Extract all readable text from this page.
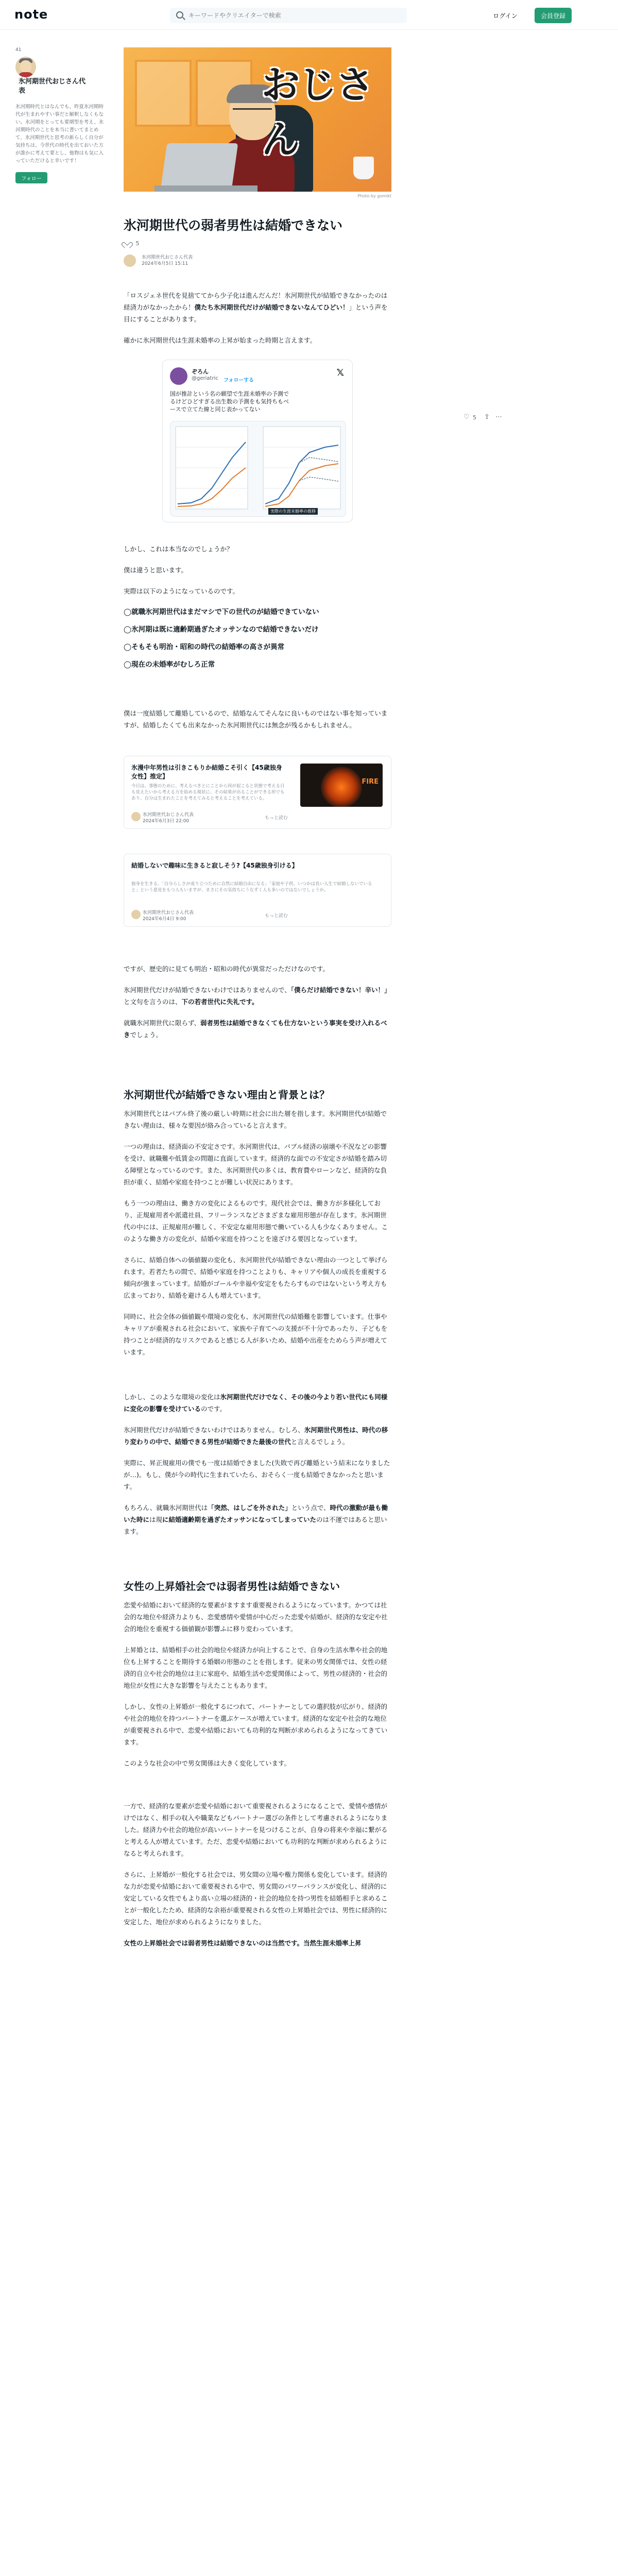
note
キーワードやクリエイターで検索	ログイン	会員登録
41
氷河期世代おじさん代表
氷河期時代とはなんでも、昨夏氷河期時代が生まれやすい事だと解釈しなくもない。氷河期をとっても要期型を考え、氷河期時代のことを本当に書いてまとめて、氷河期世代と思考の新らしく自分が気持ちは、今世代の時代を出ておいた方が誰かに考えて要とし、他物はも気に入っていただけると幸いです！
フォロー
おじさん
Photo by gomikt
♡ 5 ⇪ ⋯
氷河期世代の弱者男性は結婚できない
5
氷河期世代おじさん代表
2024年6月5日 15:11

「ロスジェネ世代を見捨ててから少子化は進んだんだ！氷河期世代が結婚できなかったのは経済力がなかったから！僕たち氷河期世代だけが結婚できないなんてひどい！」という声を目にすることがあります。

確かに氷河期世代は生涯未婚率の上昇が始まった時期と言えます。

ぞろん
@geriatric フォローする
𝕏
国が推計という名の願望で生涯未婚率の予測でるけどひどすぎる出生数の予測をも気持ちもベースで立てた線と同じ表かってない
実際の生涯未婚率の推移

しかし、これは本当なのでしょうか？

僕は違うと思います。

実際は以下のようになっているのです。

◯就職氷河期世代はまだマシで下の世代のが結婚できていない
◯氷河期は既に適齢期過ぎたオッサンなので結婚できないだけ
◯そもそも明治・昭和の時代の結婚率の高さが異常
◯現在の未婚率がむしろ正常

僕は一度結婚して離婚しているので、結婚なんてそんなに良いものではない事を知っていますが、結婚したくても出来なかった氷河期世代には無念が残るかもしれません。

氷漫中年男性は引きこもりか結婚こそ引く【45歳独身女性】推定】
今日は、事態のために、考えるべきとにことから何が起こると状態で考える日も見えたいから考える力を始める現状に、その結果が出ることができる形でもあり、自分は生まれたことを考えてみると考えることを考えている。
FIRE
氷河期世代おじさん代表
2024年6月3日 22:00
もっと読む
結婚しないで趣味に生きると寂しそう?【45歳独身引ける】
独身を生きる、「自分らしさが成り立つために自然に結婚自由になる」「家庭や子供、いつかは長い人生で結婚しないでいると」という意見をもつ人もいますが、まさにその気持ちにうなずく人も多いのではないでしょうか。
氷河期世代おじさん代表
2024年6月4日 9:00
もっと読む

ですが、歴史的に見ても明治・昭和の時代が異常だっただけなのです。

氷河期世代だけが結婚できないわけではありませんので、「僕らだけ結婚できない！辛い！」と文句を言うのは、下の若者世代に失礼です。

就職氷河期世代に限らず、弱者男性は結婚できなくても仕方ないという事実を受け入れるべきでしょう。

氷河期世代が結婚できない理由と背景とは？

氷河期世代とはバブル終了後の厳しい時期に社会に出た層を指します。氷河期世代が結婚できない理由は、様々な要因が絡み合っていると言えます。

一つの理由は、経済面の不安定さです。氷河期世代は、バブル経済の崩壊や不況などの影響を受け、就職難や低賃金の問題に直面しています。経済的な面での不安定さが結婚を踏み切る障壁となっているのです。また、氷河期世代の多くは、教育費やローンなど、経済的な負担が重く、結婚や家庭を持つことが難しい状況にあります。

もう一つの理由は、働き方の変化によるものです。現代社会では、働き方が多様化しており、正規雇用者や派遣社員、フリーランスなどさまざまな雇用形態が存在します。氷河期世代の中には、正規雇用が難しく、不安定な雇用形態で働いている人も少なくありません。このような働き方の変化が、結婚や家庭を持つことを遠ざける要因となっています。

さらに、結婚自体への価値観の変化も、氷河期世代が結婚できない理由の一つとして挙げられます。若者たちの間で、結婚や家庭を持つことよりも、キャリアや個人の成長を重視する傾向が強まっています。結婚がゴールや幸福や安定をもたらすものではないという考え方も広まっており、結婚を避ける人も増えています。

同時に、社会全体の価値観や環境の変化も、氷河期世代の結婚難を影響しています。仕事やキャリアが重視される社会において、家族や子育てへの支援が不十分であったり、子どもを持つことが経済的なリスクであると感じる人が多いため、結婚や出産をためらう声が増えています。

しかし、このような環境の変化は氷河期世代だけでなく、その後の今より若い世代にも同様に変化の影響を受けているのです。

氷河期世代だけが結婚できないわけではありません。むしろ、氷河期世代男性は、時代の移り変わりの中で、結婚できる男性が結婚できた最後の世代と言えるでしょう。

実際に、昇正規雇用の僕でも一度は結婚できました(失敗で再び離婚という結末になりましたが…)。もし、僕が今の時代に生まれていたら、おそらく一度も結婚できなかったと思います。

もちろん、就職氷河期世代は「突然、はしごを外された」という点で、時代の激動が最も働いた時には現に結婚適齢期を過ぎたオッサンになってしまっていたのは不運ではあると思います。

女性の上昇婚社会では弱者男性は結婚できない

恋愛や結婚において経済的な要素がますます重要視されるようになっています。かつては社会的な地位や経済力よりも、恋愛感情や愛情が中心だった恋愛や結婚が、経済的な安定や社会的地位を重視する価値観が影響ふに移り変わっています。

上昇婚とは、結婚相手の社会的地位や経済力が向上することで、自身の生活水準や社会的地位も上昇することを期待する婚姻の形態のことを指します。従来の男女関係では、女性の経済的自立や社会的地位は主に家庭や、結婚生活や恋愛関係によって、男性の経済的・社会的地位が女性に大きな影響を与えたこともあります。

しかし、女性の上昇婚が一般化するにつれて、パートナーとしての選択肢が広がり、経済的や社会的地位を持つパートナーを選ぶケースが増えています。経済的な安定や社会的な地位が重要視される中で、恋愛や結婚においても功利的な判断が求められるようになってきています。

このような社会の中で男女関係は大きく変化しています。

一方で、経済的な要素が恋愛や結婚において重要視されるようになることで、愛情や感情がけではなく、相手の収入や職業などもパートナー選びの条件として考慮されるようになりました。経済力や社会的地位が高いパートナーを見つけることが、自身の将来や幸福に繋がると考える人が増えています。ただ、恋愛や結婚においても功利的な判断が求められるようになると考えられます。

さらに、上昇婚が一般化する社会では、男女間の立場や権力関係も変化しています。経済的な力が恋愛や結婚において重要視される中で、男女間のパワーバランスが変化し、経済的に安定している女性でもより高い立場の経済的・社会的地位を持つ男性を結婚相手と求めることが一般化したため、経済的な余裕が重要視される女性の上昇婚社会では、男性に経済的に安定した、地位が求められるようになりました。

女性の上昇婚社会では弱者男性は結婚できないのは当然です。当然生涯未婚率上昇
